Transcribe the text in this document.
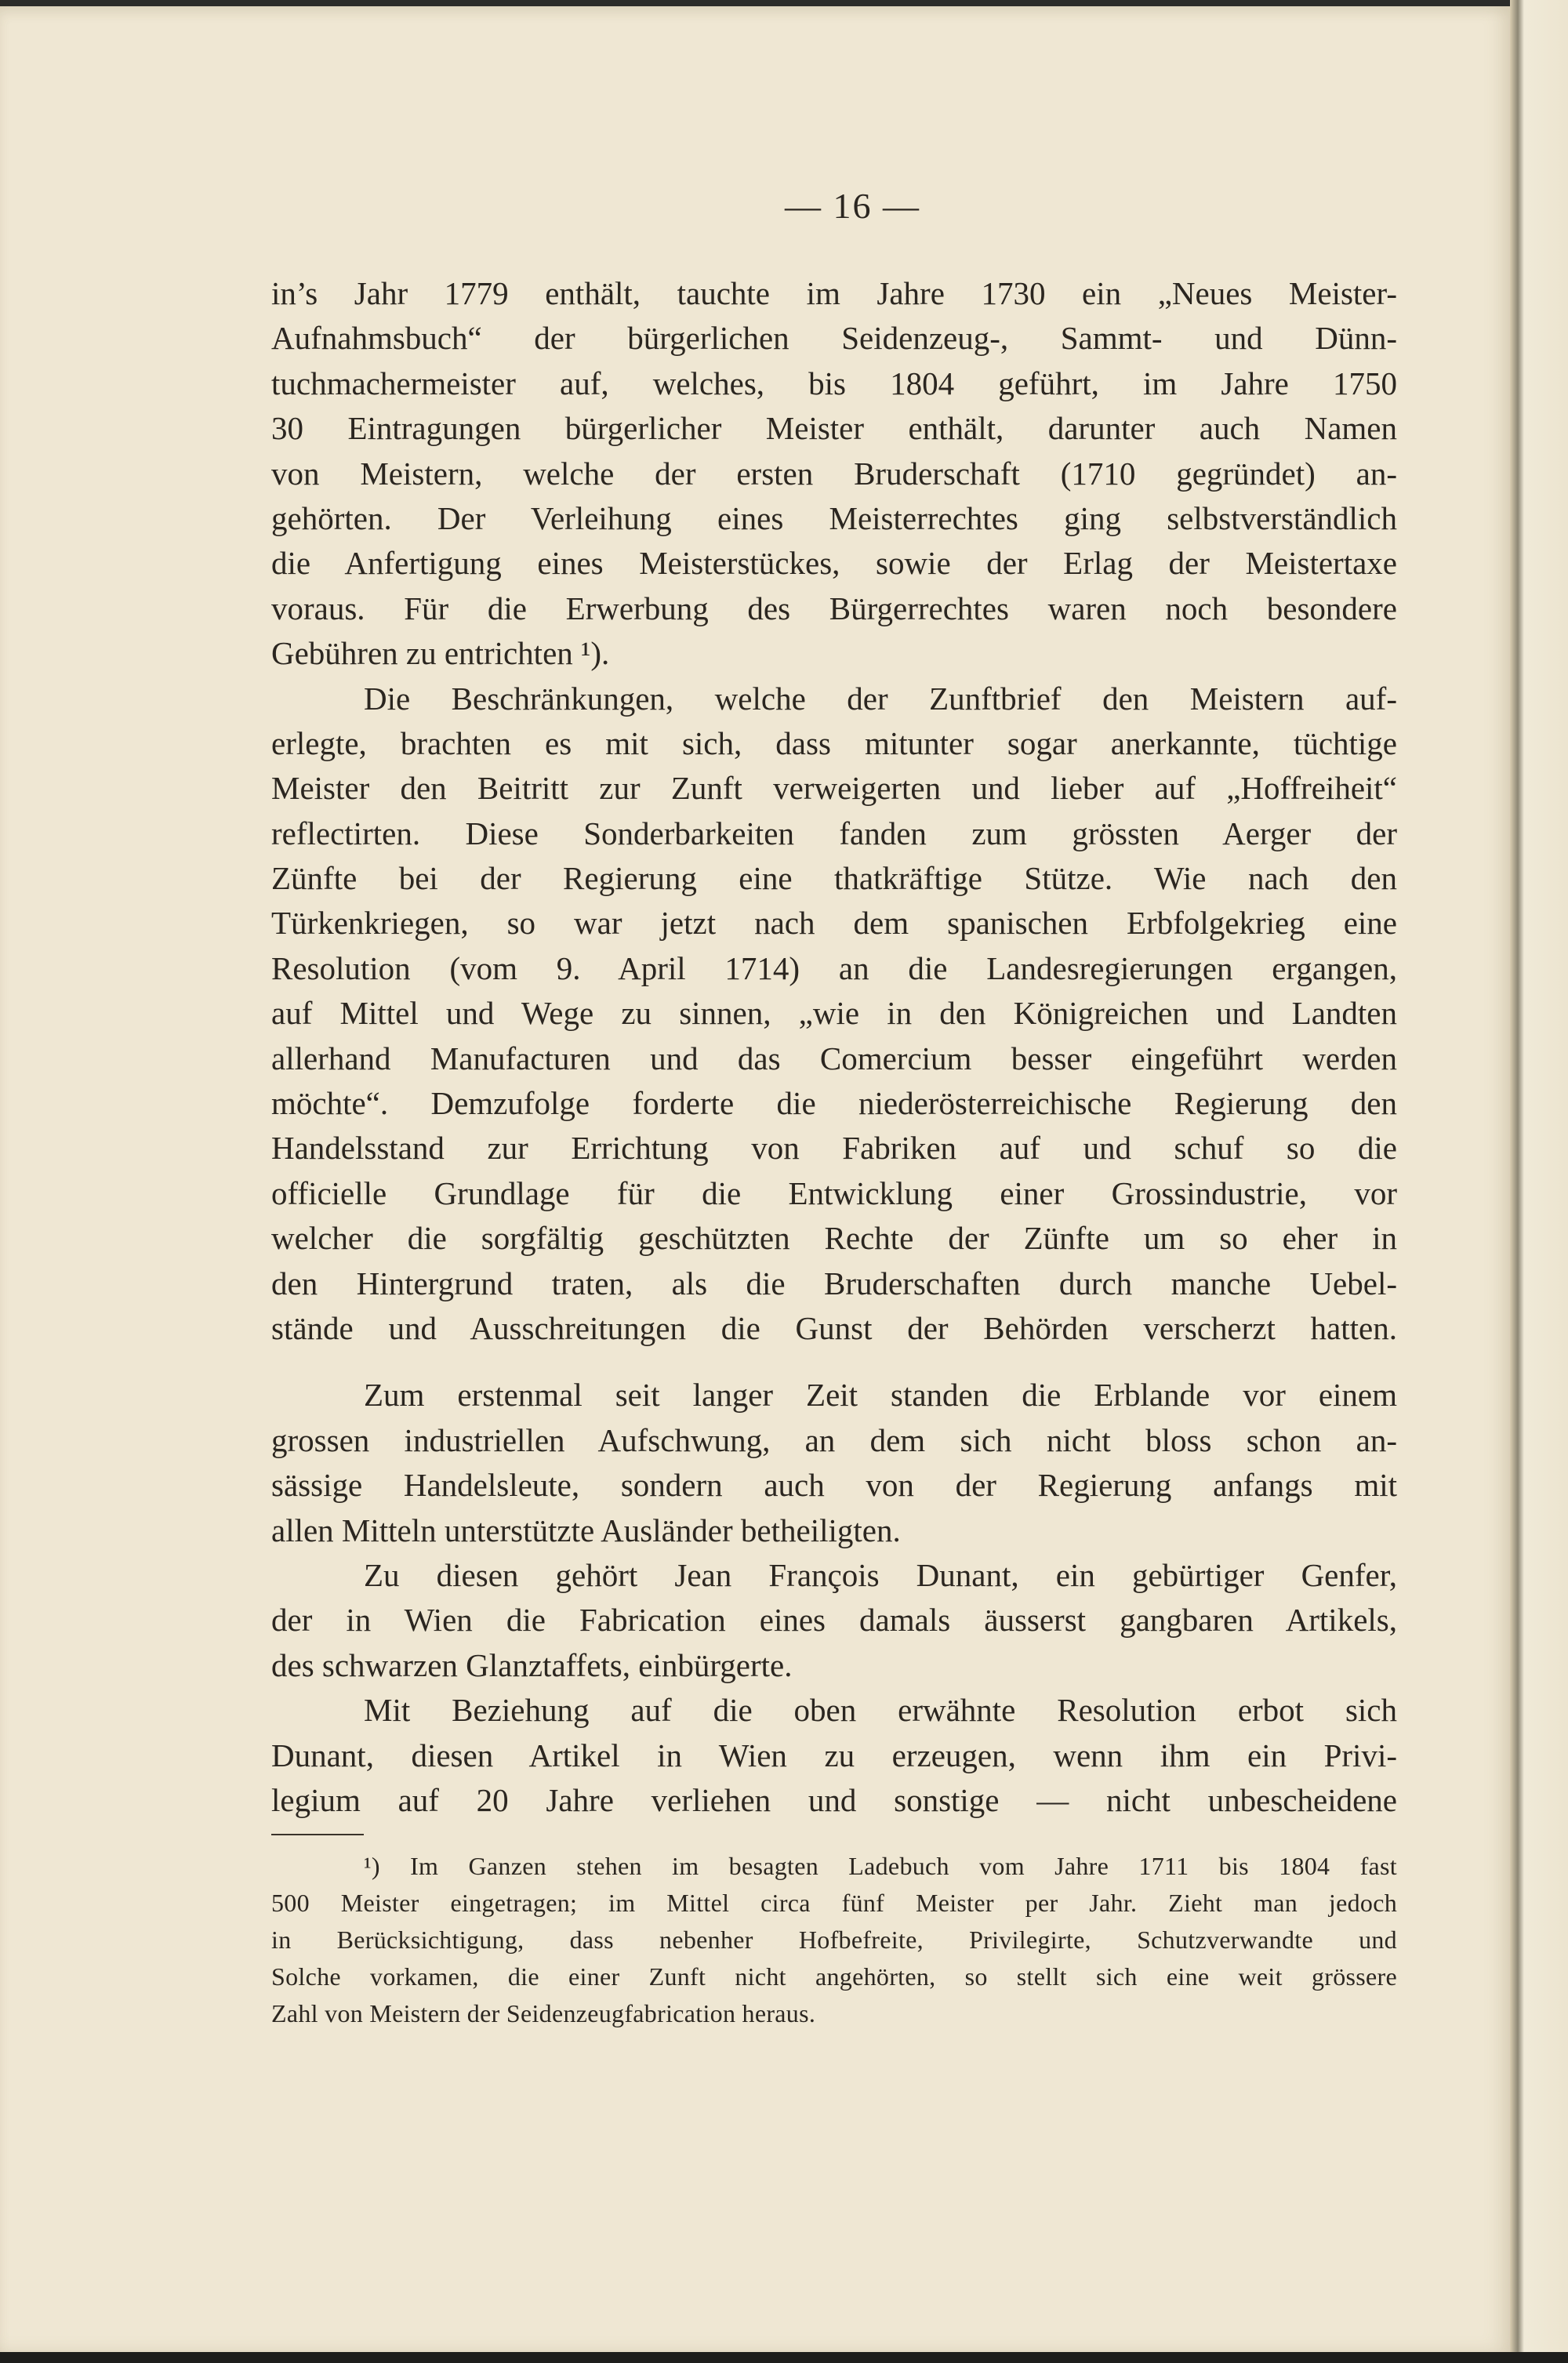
— 16 —
in’s Jahr 1779 enthält, tauchte im Jahre 1730 ein „Neues Meister-
Aufnahmsbuch“ der bürgerlichen Seidenzeug-, Sammt- und Dünn-
tuchmachermeister auf, welches, bis 1804 geführt, im Jahre 1750
30 Eintragungen bürgerlicher Meister enthält, darunter auch Namen
von Meistern, welche der ersten Bruderschaft (1710 gegründet) an-
gehörten. Der Verleihung eines Meisterrechtes ging selbstverständlich
die Anfertigung eines Meisterstückes, sowie der Erlag der Meistertaxe
voraus. Für die Erwerbung des Bürgerrechtes waren noch besondere
Gebühren zu entrichten ¹).
Die Beschränkungen, welche der Zunftbrief den Meistern auf-
erlegte, brachten es mit sich, dass mitunter sogar anerkannte, tüchtige
Meister den Beitritt zur Zunft verweigerten und lieber auf „Hoffreiheit“
reflectirten. Diese Sonderbarkeiten fanden zum grössten Aerger der
Zünfte bei der Regierung eine thatkräftige Stütze. Wie nach den
Türkenkriegen, so war jetzt nach dem spanischen Erbfolgekrieg eine
Resolution (vom 9. April 1714) an die Landesregierungen ergangen,
auf Mittel und Wege zu sinnen, „wie in den Königreichen und Landten
allerhand Manufacturen und das Comercium besser eingeführt werden
möchte“. Demzufolge forderte die niederösterreichische Regierung den
Handelsstand zur Errichtung von Fabriken auf und schuf so die
officielle Grundlage für die Entwicklung einer Grossindustrie, vor
welcher die sorgfältig geschützten Rechte der Zünfte um so eher in
den Hintergrund traten, als die Bruderschaften durch manche Uebel-
stände und Ausschreitungen die Gunst der Behörden verscherzt hatten.
Zum erstenmal seit langer Zeit standen die Erblande vor einem
grossen industriellen Aufschwung, an dem sich nicht bloss schon an-
sässige Handelsleute, sondern auch von der Regierung anfangs mit
allen Mitteln unterstützte Ausländer betheiligten.
Zu diesen gehört Jean François Dunant, ein gebürtiger Genfer,
der in Wien die Fabrication eines damals äusserst gangbaren Artikels,
des schwarzen Glanztaffets, einbürgerte.
Mit Beziehung auf die oben erwähnte Resolution erbot sich
Dunant, diesen Artikel in Wien zu erzeugen, wenn ihm ein Privi-
legium auf 20 Jahre verliehen und sonstige — nicht unbescheidene
¹) Im Ganzen stehen im besagten Ladebuch vom Jahre 1711 bis 1804 fast
500 Meister eingetragen; im Mittel circa fünf Meister per Jahr. Zieht man jedoch
in Berücksichtigung, dass nebenher Hofbefreite, Privilegirte, Schutzverwandte und
Solche vorkamen, die einer Zunft nicht angehörten, so stellt sich eine weit grössere
Zahl von Meistern der Seidenzeugfabrication heraus.
